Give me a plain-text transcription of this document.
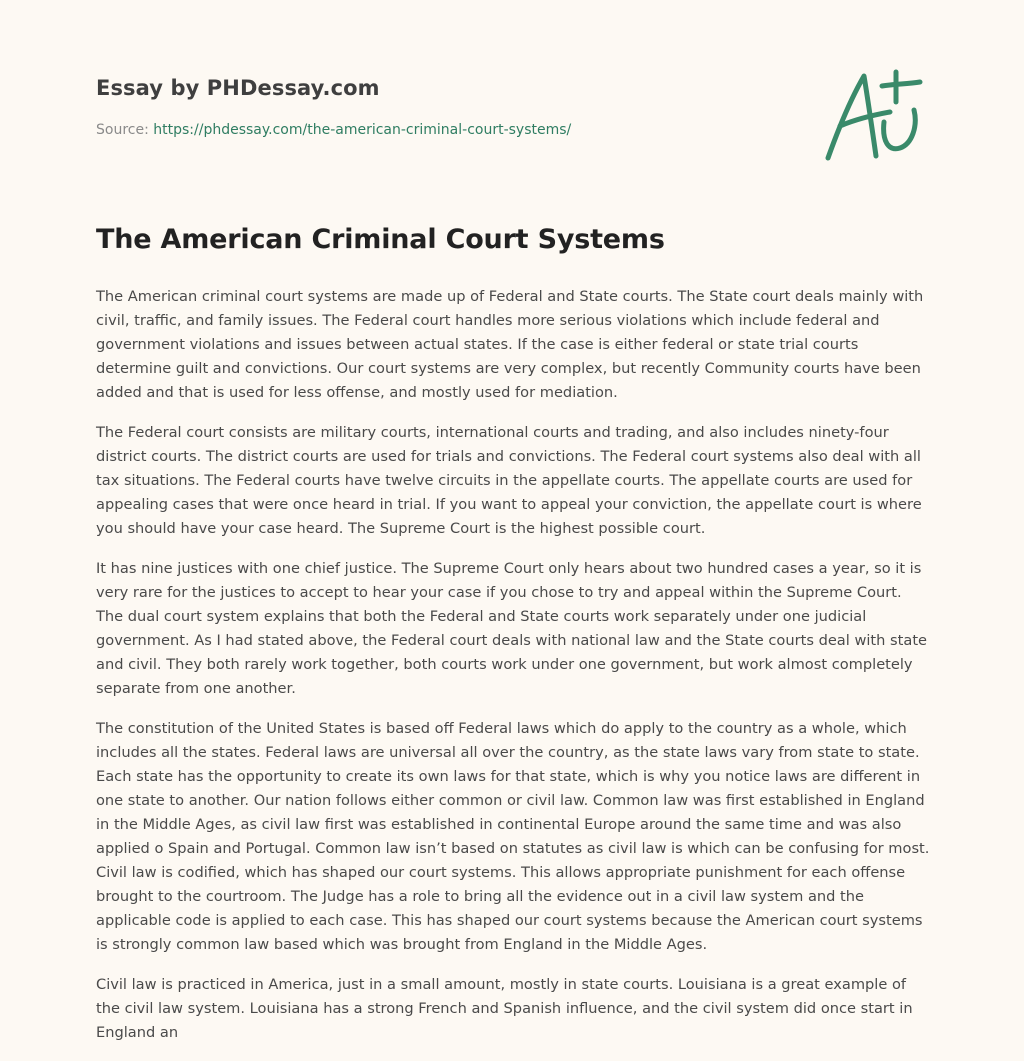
Essay by PHDessay.com
Source: https://phdessay.com/the-american-criminal-court-systems/
The American Criminal Court Systems

The American criminal court systems are made up of Federal and State courts. The State court deals mainly with civil, traffic, and family issues. The Federal court handles more serious violations which include federal and government violations and issues between actual states. If the case is either federal or state trial courts determine guilt and convictions. Our court systems are very complex, but recently Community courts have been added and that is used for less offense, and mostly used for mediation.

The Federal court consists are military courts, international courts and trading, and also includes ninety-four district courts. The district courts are used for trials and convictions. The Federal court systems also deal with all tax situations. The Federal courts have twelve circuits in the appellate courts. The appellate courts are used for appealing cases that were once heard in trial. If you want to appeal your conviction, the appellate court is where you should have your case heard. The Supreme Court is the highest possible court.

It has nine justices with one chief justice. The Supreme Court only hears about two hundred cases a year, so it is very rare for the justices to accept to hear your case if you chose to try and appeal within the Supreme Court. The dual court system explains that both the Federal and State courts work separately under one judicial government. As I had stated above, the Federal court deals with national law and the State courts deal with state and civil. They both rarely work together, both courts work under one government, but work almost completely separate from one another.

The constitution of the United States is based off Federal laws which do apply to the country as a whole, which includes all the states. Federal laws are universal all over the country, as the state laws vary from state to state. Each state has the opportunity to create its own laws for that state, which is why you notice laws are different in one state to another. Our nation follows either common or civil law. Common law was first established in England in the Middle Ages, as civil law first was established in continental Europe around the same time and was also applied o Spain and Portugal. Common law isn’t based on statutes as civil law is which can be confusing for most. Civil law is codified, which has shaped our court systems. This allows appropriate punishment for each offense brought to the courtroom. The Judge has a role to bring all the evidence out in a civil law system and the applicable code is applied to each case. This has shaped our court systems because the American court systems is strongly common law based which was brought from England in the Middle Ages.

Civil law is practiced in America, just in a small amount, mostly in state courts. Louisiana is a great example of the civil law system. Louisiana has a strong French and Spanish influence, and the civil system did once start in England an
